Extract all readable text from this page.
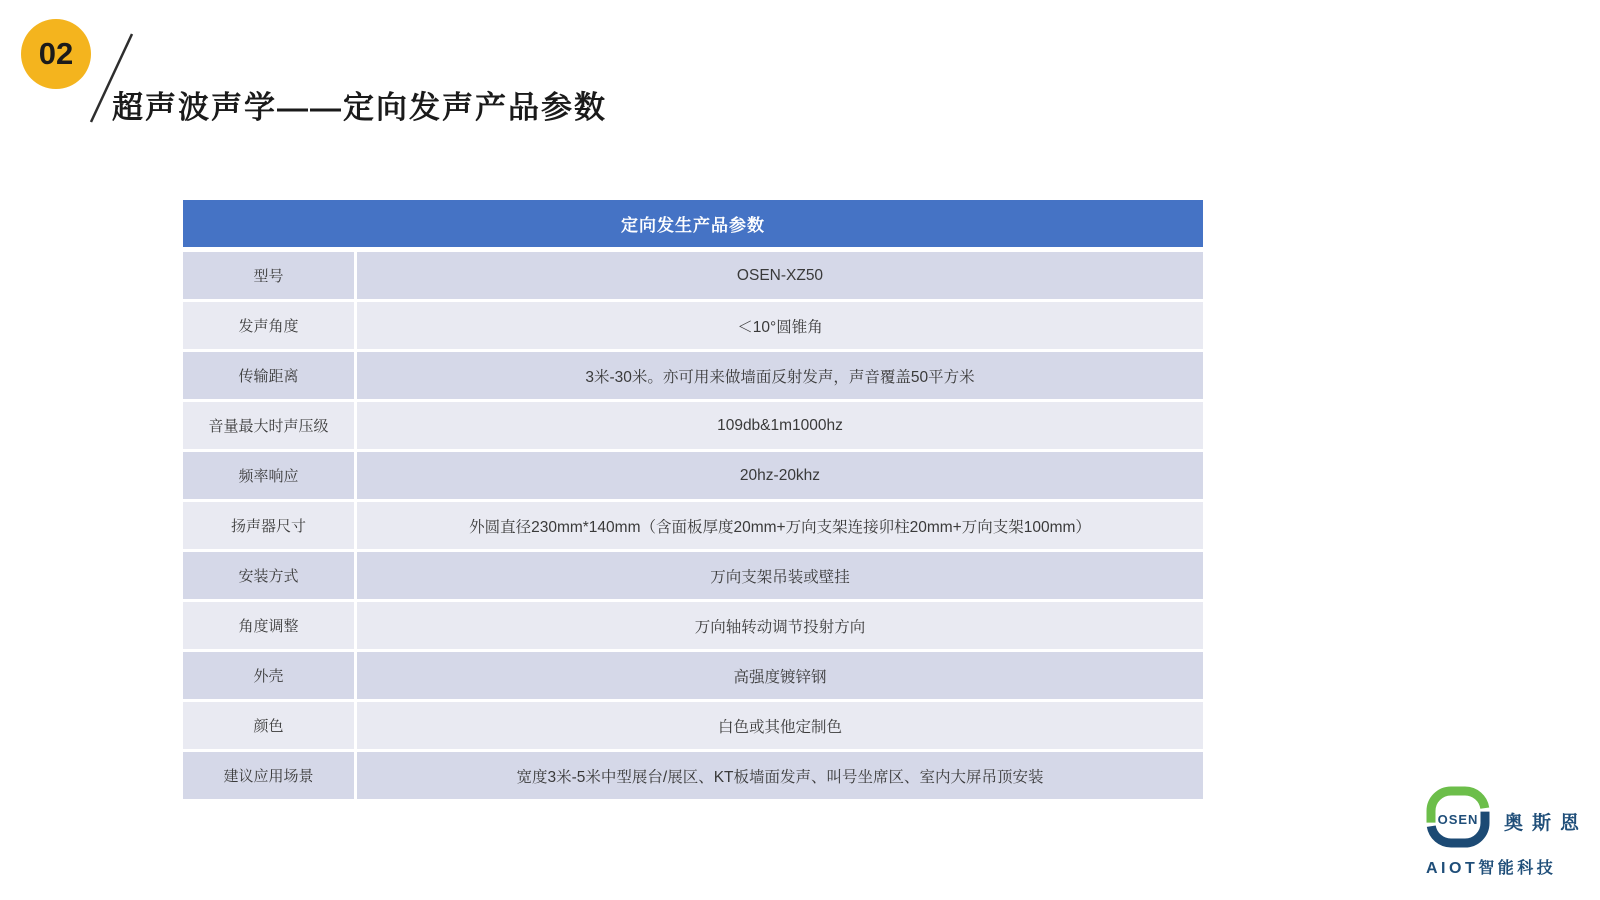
02
超声波声学——定向发声产品参数
定向发生产品参数
型号	OSEN-XZ50
发声角度	＜10°圆锥角
传输距离	3米-30米。亦可用来做墙面反射发声，声音覆盖50平方米
音量最大时声压级	109db&1m1000hz
频率响应	20hz-20khz
扬声器尺寸	外圆直径230mm*140mm（含面板厚度20mm+万向支架连接卯柱20mm+万向支架100mm）
安装方式	万向支架吊装或壁挂
角度调整	万向轴转动调节投射方向
外壳	高强度镀锌钢
颜色	白色或其他定制色
建议应用场景	宽度3米-5米中型展台/展区、KT板墙面发声、叫号坐席区、室内大屏吊顶安装
OSEN	奥斯恩
AIOT智能科技
